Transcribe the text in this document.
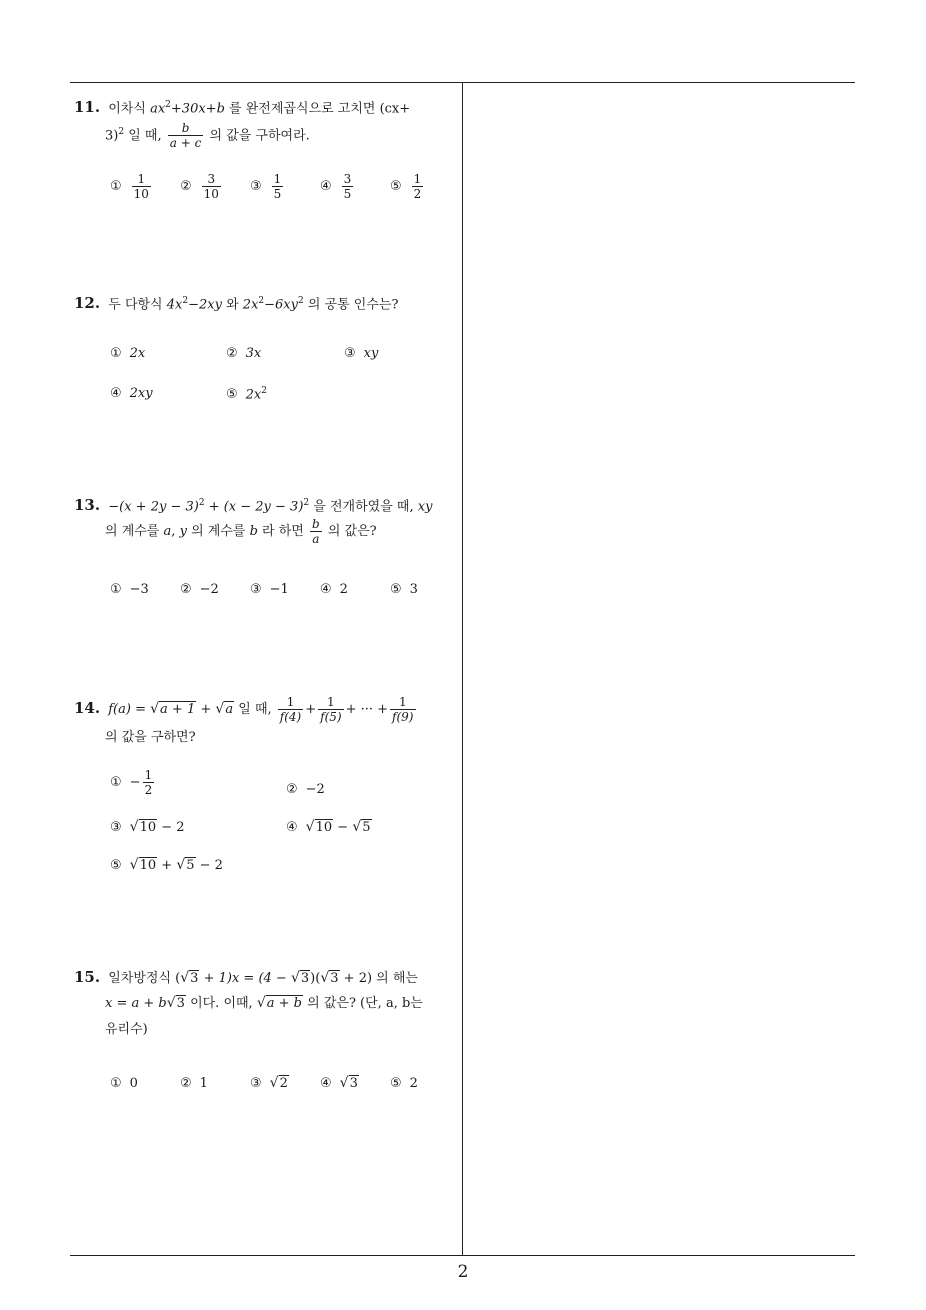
11. 이차식 $ax^2+30x+b$ 를 완전제곱식으로 고치면 (cx+
3)$^2$ 일 때, $\frac{b}{a + c}$ 의 값을 구하여라.
① $\frac{1}{10}$ ② $\frac{3}{10}$ ③ $\frac{1}{5}$	④ $\frac{3}{5}$	⑤ $\frac{1}{2}$
12. 두 다항식 $4x^2-2xy$ 와 $2x^2-6xy^2$ 의 공통 인수는?
① 2x	② 3x	③ xy
④ 2xy	⑤ $2x^2$
13. $-(x + 2y - 3)^2 + (x - 2y - 3)^2$ 을 전개하였을 때, xy
의 계수를 a, y 의 계수를 b 라 하면 $\frac{b}{a}$ 의 값은?
① −3 ② −2 ③ −1 ④ 2	⑤ 3
14. f(a) = √a + 1 + √a 일 때, $\frac{1}{f(4)} + \frac{1}{f(5)}$ + ··· + $\frac{1}{f(9)}$
의 값을 구하면?
① − $\frac{1}{2}$	② −2
③ √10 − 2	④ √10 − √5
⑤ √10 + √5 − 2
15. 일차방정식 (√3 + 1)x = (4 − √3)(√3 + 2) 의 해는
x = a + b√3 이다. 이때, √a + b 의 값은? (단, a, b는
유리수)
① 0	② 1	③ √2 ④ √3 ⑤ 2
2
